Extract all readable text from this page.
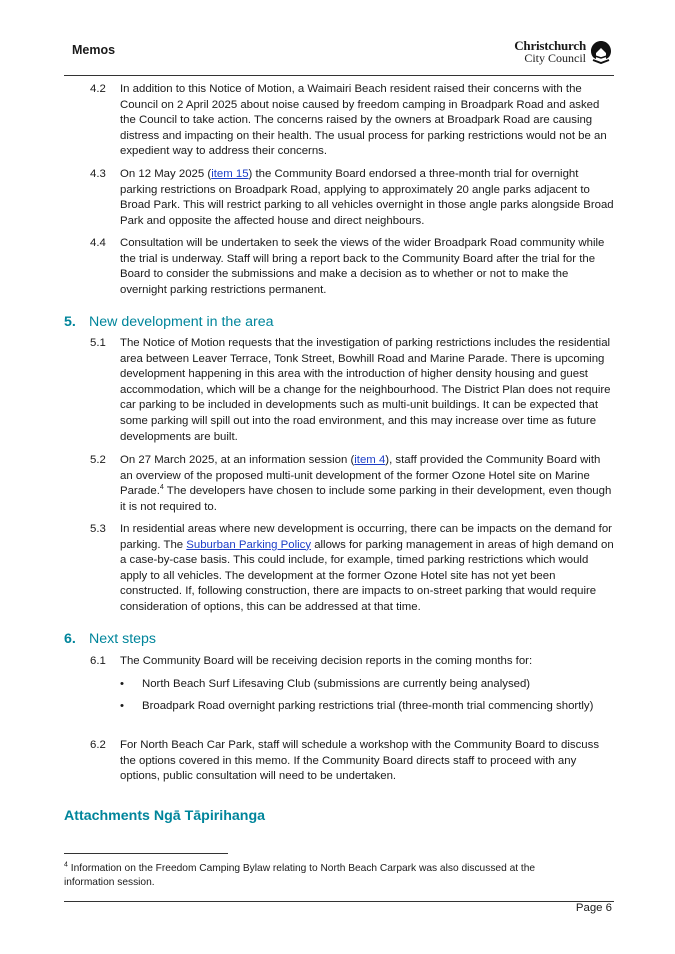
Memos	Christchurch
City Council
4.2	In addition to this Notice of Motion, a Waimairi Beach resident raised their concerns with the Council on 2 April 2025 about noise caused by freedom camping in Broadpark Road and asked the Council to take action. The concerns raised by the owners at Broadpark Road are causing distress and impacting on their health. The usual process for parking restrictions would not be an expedient way to address their concerns.
4.3	On 12 May 2025 (item 15) the Community Board endorsed a three-month trial for overnight parking restrictions on Broadpark Road, applying to approximately 20 angle parks adjacent to Broad Park. This will restrict parking to all vehicles overnight in those angle parks alongside Broad Park and opposite the affected house and direct neighbours.
4.4	Consultation will be undertaken to seek the views of the wider Broadpark Road community while the trial is underway. Staff will bring a report back to the Community Board after the trial for the Board to consider the submissions and make a decision as to whether or not to make the overnight parking restrictions permanent.
5. New development in the area
5.1	The Notice of Motion requests that the investigation of parking restrictions includes the residential area between Leaver Terrace, Tonk Street, Bowhill Road and Marine Parade. There is upcoming development happening in this area with the introduction of higher density housing and guest accommodation, which will be a change for the neighbourhood. The District Plan does not require car parking to be included in developments such as multi-unit buildings. It can be expected that some parking will spill out into the road environment, and this may increase over time as future developments are built.
5.2	On 27 March 2025, at an information session (item 4), staff provided the Community Board with an overview of the proposed multi-unit development of the former Ozone Hotel site on Marine Parade.$^4$ The developers have chosen to include some parking in their development, even though it is not required to.
5.3	In residential areas where new development is occurring, there can be impacts on the demand for parking. The Suburban Parking Policy allows for parking management in areas of high demand on a case-by-case basis. This could include, for example, timed parking restrictions which would apply to all vehicles. The development at the former Ozone Hotel site has not yet been constructed. If, following construction, there are impacts to on-street parking that would require consideration of options, this can be addressed at that time.
6. Next steps
6.1	The Community Board will be receiving decision reports in the coming months for:
• North Beach Surf Lifesaving Club (submissions are currently being analysed)
• Broadpark Road overnight parking restrictions trial (three-month trial commencing shortly)
6.2	For North Beach Car Park, staff will schedule a workshop with the Community Board to discuss the options covered in this memo. If the Community Board directs staff to proceed with any options, public consultation will need to be undertaken.
Attachments Ngā Tāpirihanga
$^4$ Information on the Freedom Camping Bylaw relating to North Beach Carpark was also discussed at the information session.
Page 6
